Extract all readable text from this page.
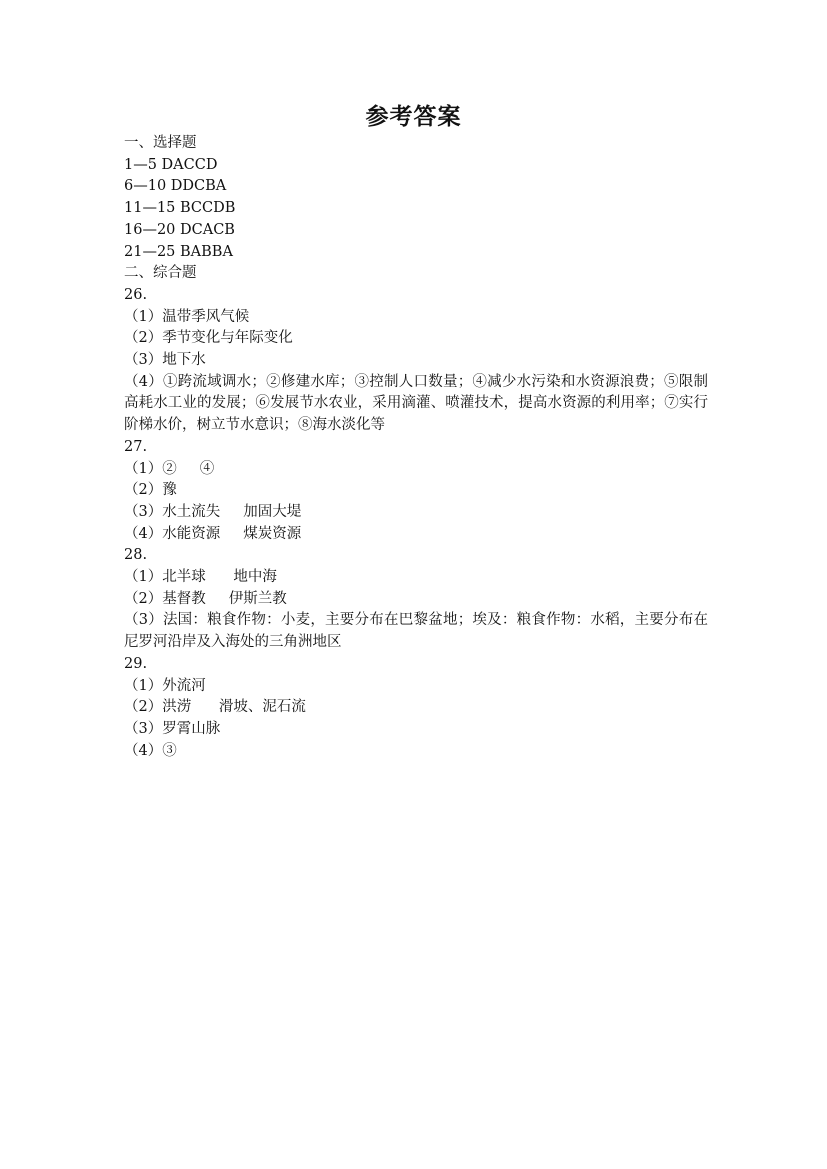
参考答案
一、选择题
1—5 DACCD
6—10 DDCBA
11—15 BCCDB
16—20 DCACB
21—25 BABBA
二、综合题
26.
（1）温带季风气候
（2）季节变化与年际变化
（3）地下水
（4）①跨流域调水；②修建水库；③控制人口数量；④减少水污染和水资源浪费；⑤限制高耗水工业的发展；⑥发展节水农业，采用滴灌、喷灌技术，提高水资源的利用率；⑦实行阶梯水价，树立节水意识；⑧海水淡化等
27.
（1）②     ④
（2）豫
（3）水土流失     加固大堤
（4）水能资源     煤炭资源
28.
（1）北半球      地中海
（2）基督教     伊斯兰教
（3）法国：粮食作物：小麦，主要分布在巴黎盆地；埃及：粮食作物：水稻，主要分布在尼罗河沿岸及入海处的三角洲地区
29.
（1）外流河
（2）洪涝      滑坡、泥石流
（3）罗霄山脉
（4）③
